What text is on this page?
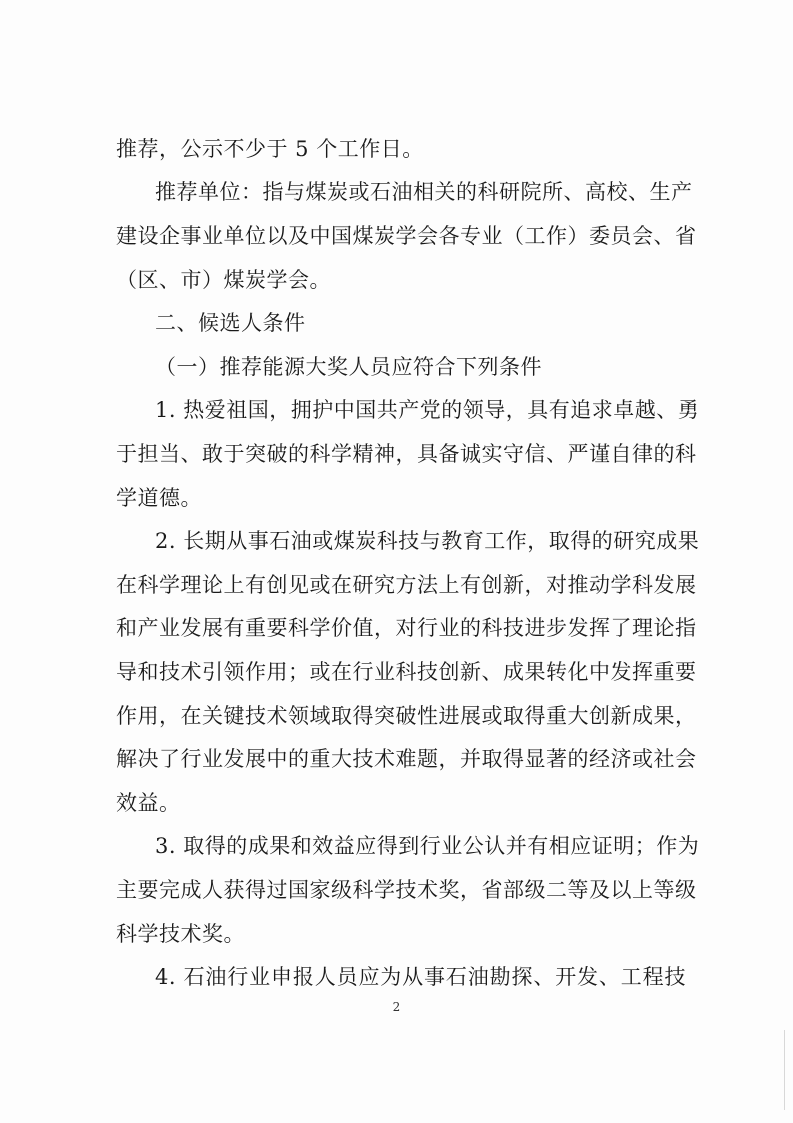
推荐，公示不少于 5 个工作日。
推荐单位：指与煤炭或石油相关的科研院所、高校、生产
建设企事业单位以及中国煤炭学会各专业（工作）委员会、省
（区、市）煤炭学会。
二、候选人条件
（一）推荐能源大奖人员应符合下列条件
1. 热爱祖国，拥护中国共产党的领导，具有追求卓越、勇
于担当、敢于突破的科学精神，具备诚实守信、严谨自律的科
学道德。
2. 长期从事石油或煤炭科技与教育工作，取得的研究成果
在科学理论上有创见或在研究方法上有创新，对推动学科发展
和产业发展有重要科学价值，对行业的科技进步发挥了理论指
导和技术引领作用；或在行业科技创新、成果转化中发挥重要
作用，在关键技术领域取得突破性进展或取得重大创新成果，
解决了行业发展中的重大技术难题，并取得显著的经济或社会
效益。
3. 取得的成果和效益应得到行业公认并有相应证明；作为
主要完成人获得过国家级科学技术奖，省部级二等及以上等级
科学技术奖。
4. 石油行业申报人员应为从事石油勘探、开发、工程技
2
